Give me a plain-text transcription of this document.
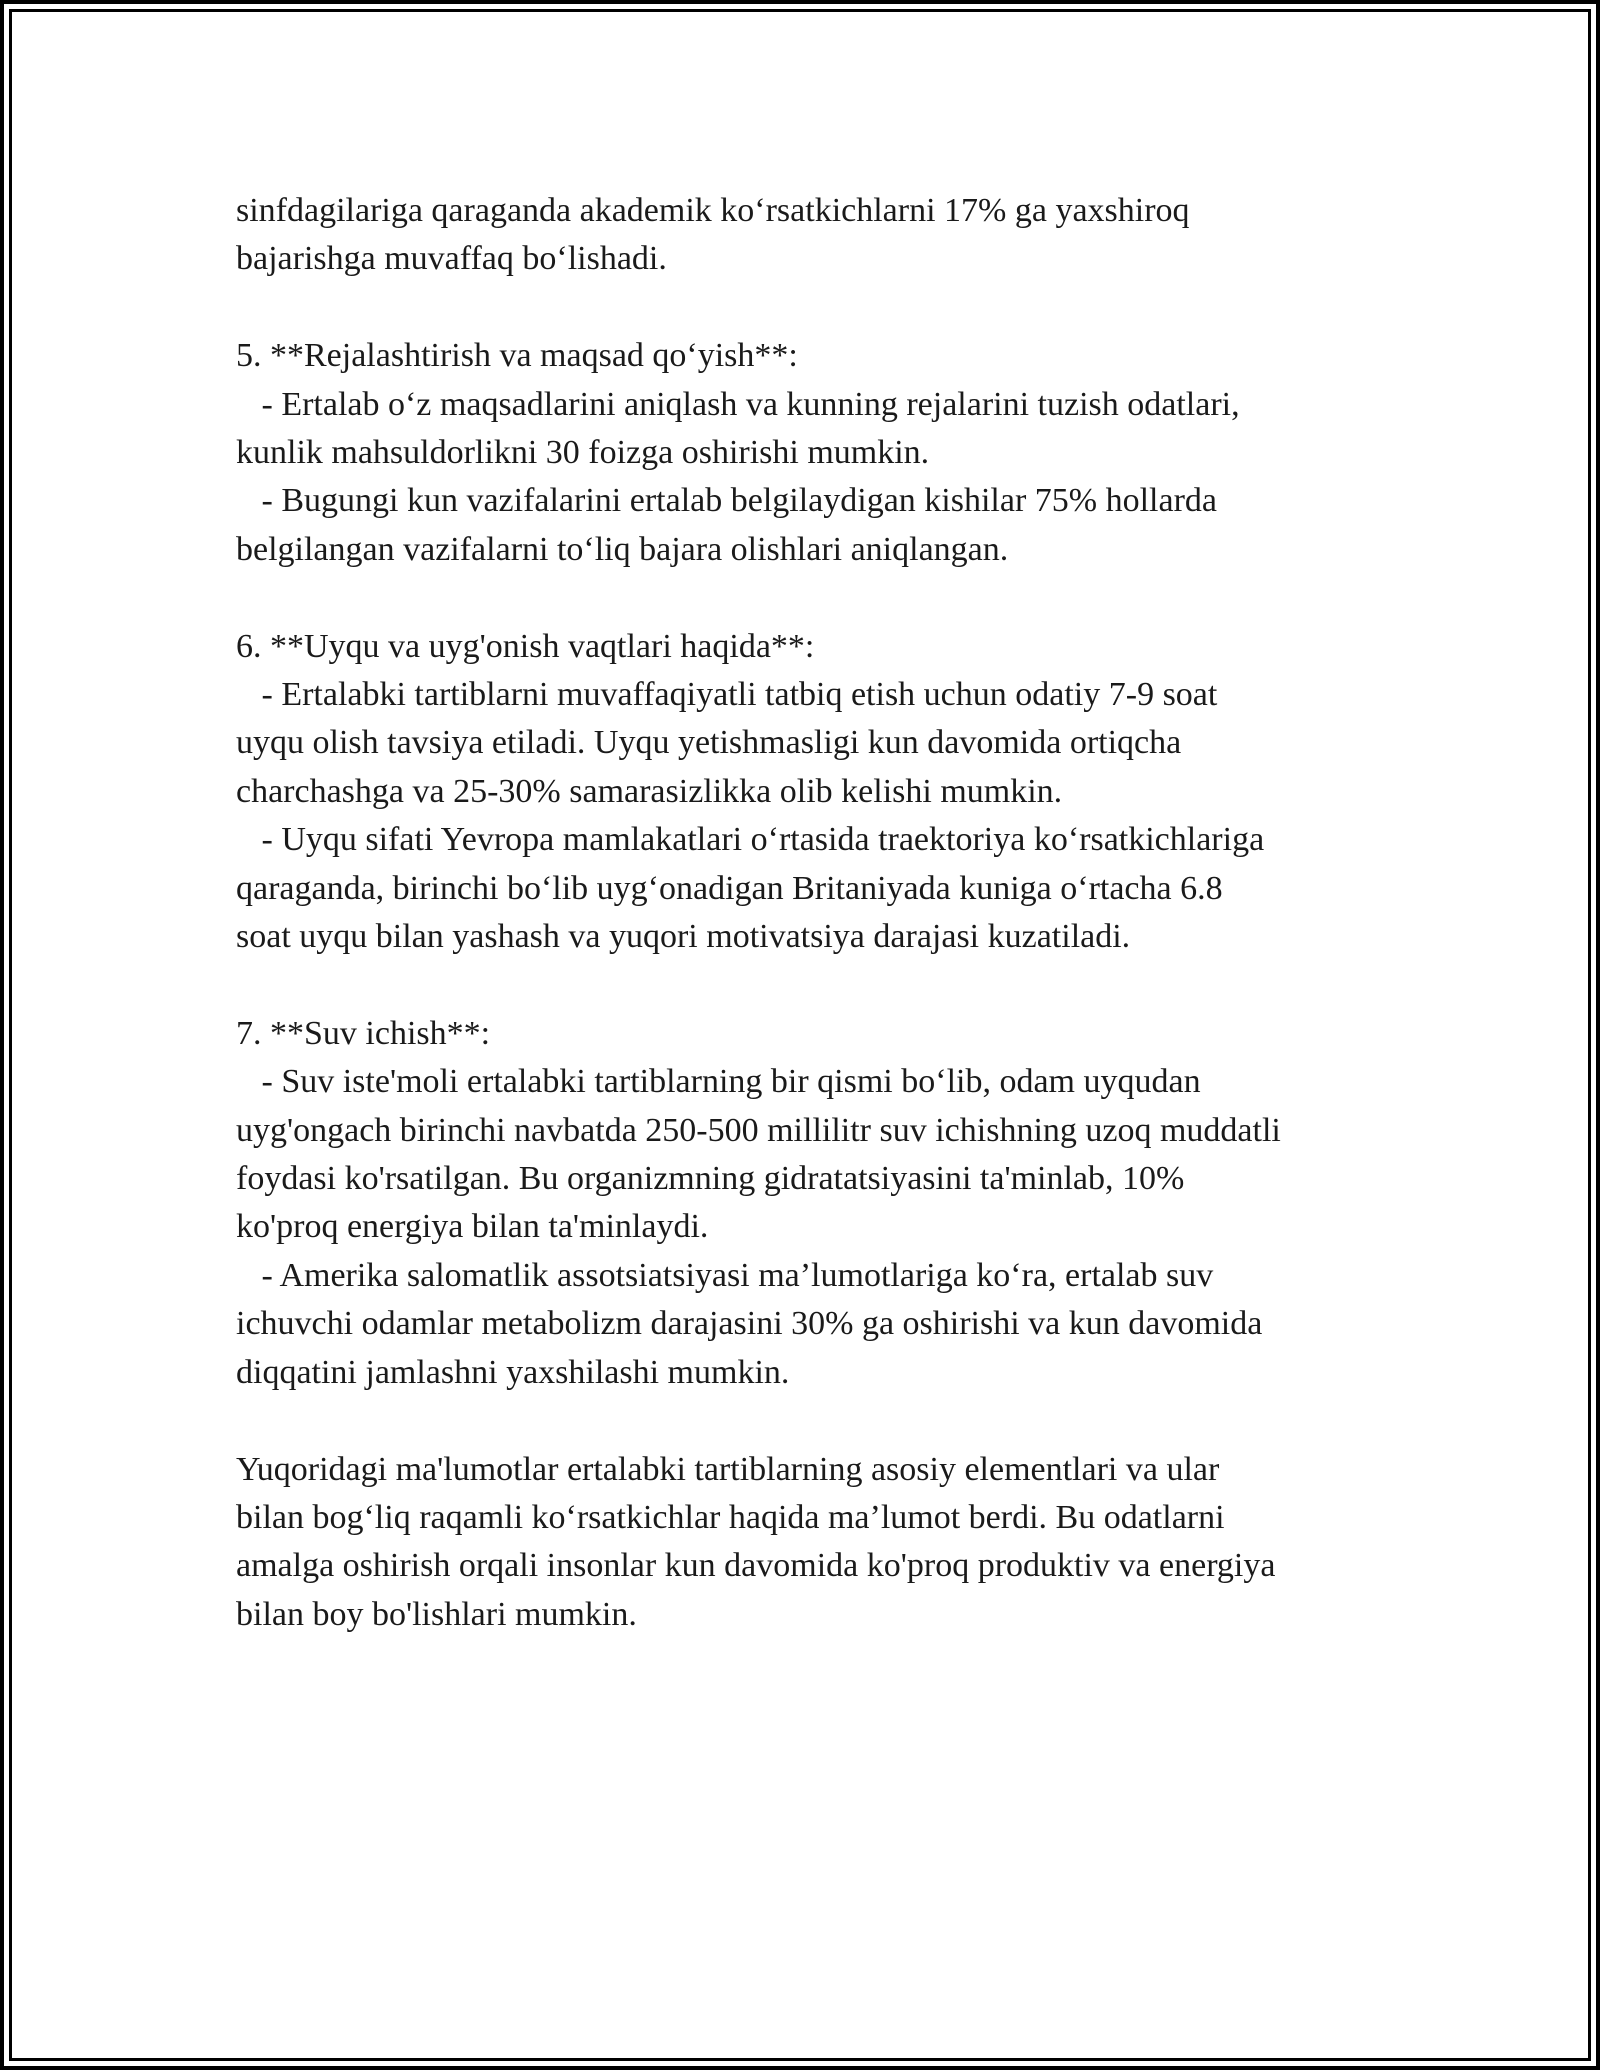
sinfdagilariga qaraganda akademik ko‘rsatkichlarni 17% ga yaxshiroq
bajarishga muvaffaq bo‘lishadi.

5. **Rejalashtirish va maqsad qo‘yish**:

- Ertalab o‘z maqsadlarini aniqlash va kunning rejalarini tuzish odatlari,
kunlik mahsuldorlikni 30 foizga oshirishi mumkin.

- Bugungi kun vazifalarini ertalab belgilaydigan kishilar 75% hollarda
belgilangan vazifalarni to‘liq bajara olishlari aniqlangan.

6. **Uyqu va uyg'onish vaqtlari haqida**:

- Ertalabki tartiblarni muvaffaqiyatli tatbiq etish uchun odatiy 7-9 soat
uyqu olish tavsiya etiladi. Uyqu yetishmasligi kun davomida ortiqcha
charchashga va 25-30% samarasizlikka olib kelishi mumkin.

- Uyqu sifati Yevropa mamlakatlari o‘rtasida traektoriya ko‘rsatkichlariga
qaraganda, birinchi bo‘lib uyg‘onadigan Britaniyada kuniga o‘rtacha 6.8
soat uyqu bilan yashash va yuqori motivatsiya darajasi kuzatiladi.

7. **Suv ichish**:

- Suv iste'moli ertalabki tartiblarning bir qismi bo‘lib, odam uyqudan
uyg'ongach birinchi navbatda 250-500 millilitr suv ichishning uzoq muddatli
foydasi ko'rsatilgan. Bu organizmning gidratatsiyasini ta'minlab, 10%
ko'proq energiya bilan ta'minlaydi.

- Amerika salomatlik assotsiatsiyasi ma’lumotlariga ko‘ra, ertalab suv
ichuvchi odamlar metabolizm darajasini 30% ga oshirishi va kun davomida
diqqatini jamlashni yaxshilashi mumkin.

Yuqoridagi ma'lumotlar ertalabki tartiblarning asosiy elementlari va ular
bilan bog‘liq raqamli ko‘rsatkichlar haqida ma’lumot berdi. Bu odatlarni
amalga oshirish orqali insonlar kun davomida ko'proq produktiv va energiya
bilan boy bo'lishlari mumkin.
